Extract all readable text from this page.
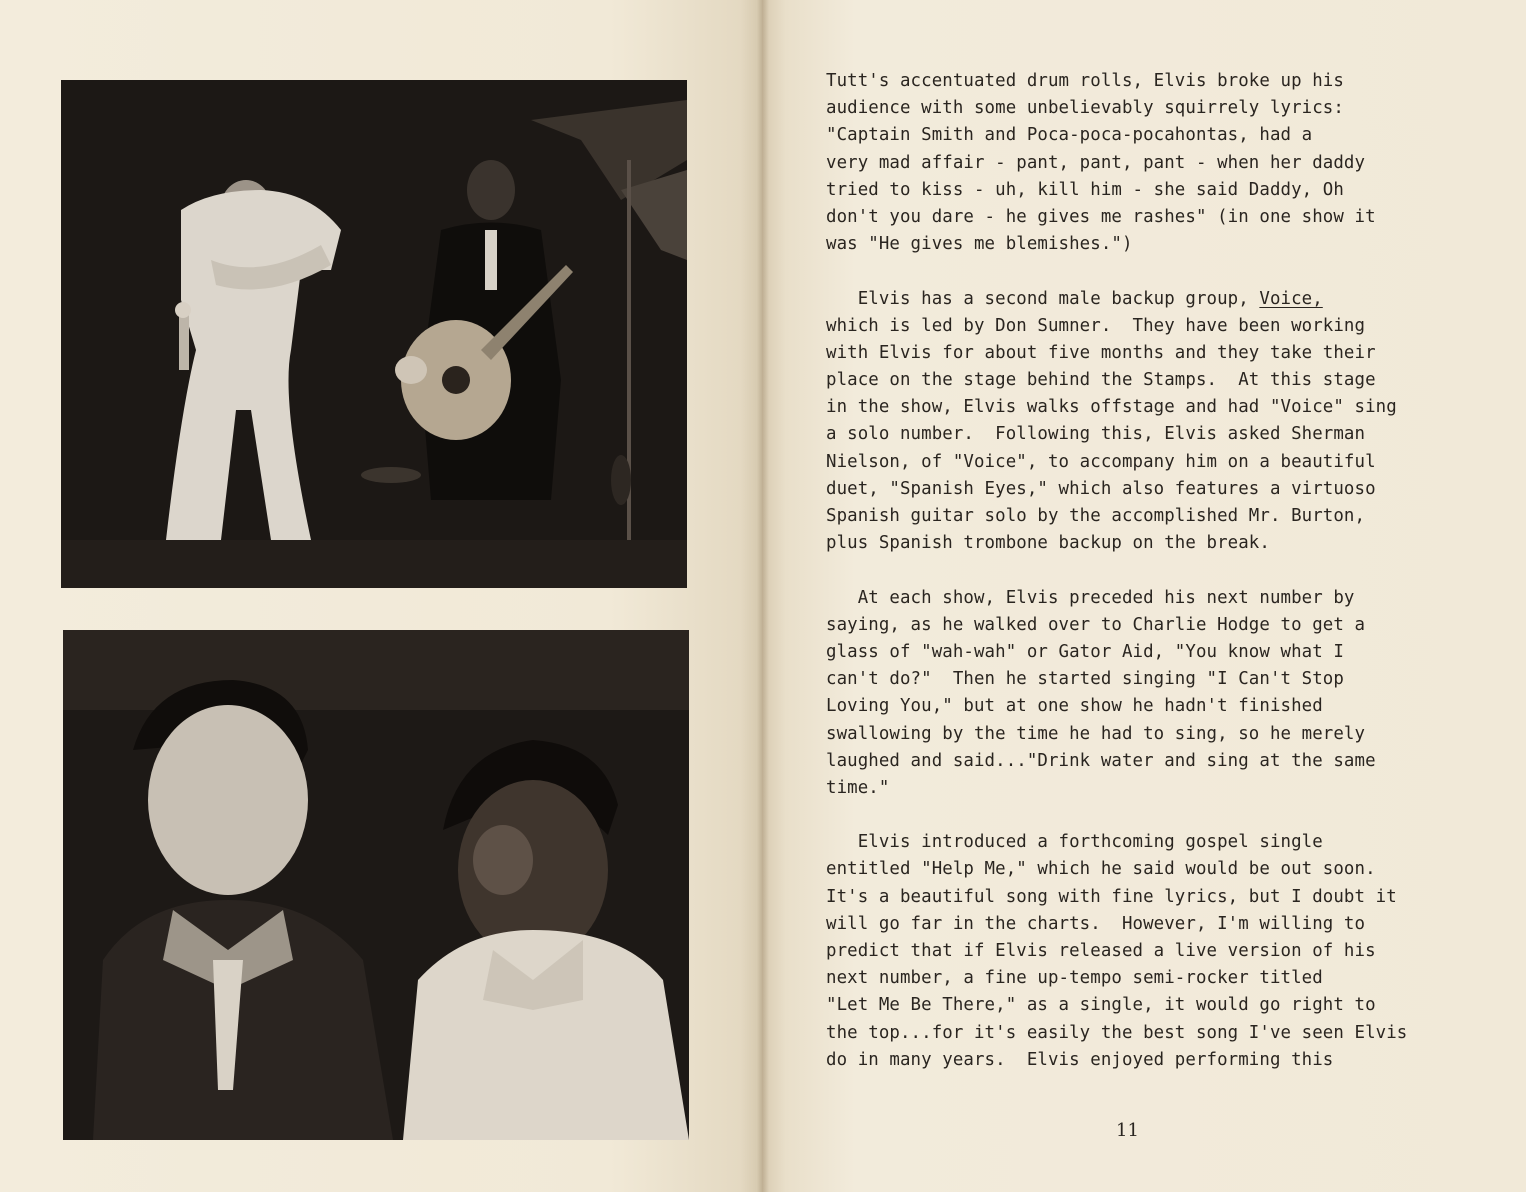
Tutt's accentuated drum rolls, Elvis broke up his
audience with some unbelievably squirrely lyrics:
"Captain Smith and Poca-poca-pocahontas, had a
very mad affair - pant, pant, pant - when her daddy
tried to kiss - uh, kill him - she said Daddy, Oh
don't you dare - he gives me rashes" (in one show it
was "He gives me blemishes.")
Elvis has a second male backup group, Voice,
which is led by Don Sumner.  They have been working
with Elvis for about five months and they take their
place on the stage behind the Stamps.  At this stage
in the show, Elvis walks offstage and had "Voice" sing
a solo number.  Following this, Elvis asked Sherman
Nielson, of "Voice", to accompany him on a beautiful
duet, "Spanish Eyes," which also features a virtuoso
Spanish guitar solo by the accomplished Mr. Burton,
plus Spanish trombone backup on the break.
At each show, Elvis preceded his next number by
saying, as he walked over to Charlie Hodge to get a
glass of "wah-wah" or Gator Aid, "You know what I
can't do?"  Then he started singing "I Can't Stop
Loving You," but at one show he hadn't finished
swallowing by the time he had to sing, so he merely
laughed and said..."Drink water and sing at the same
time."
Elvis introduced a forthcoming gospel single
entitled "Help Me," which he said would be out soon.
It's a beautiful song with fine lyrics, but I doubt it
will go far in the charts.  However, I'm willing to
predict that if Elvis released a live version of his
next number, a fine up-tempo semi-rocker titled
"Let Me Be There," as a single, it would go right to
the top...for it's easily the best song I've seen Elvis
do in many years.  Elvis enjoyed performing this
11
